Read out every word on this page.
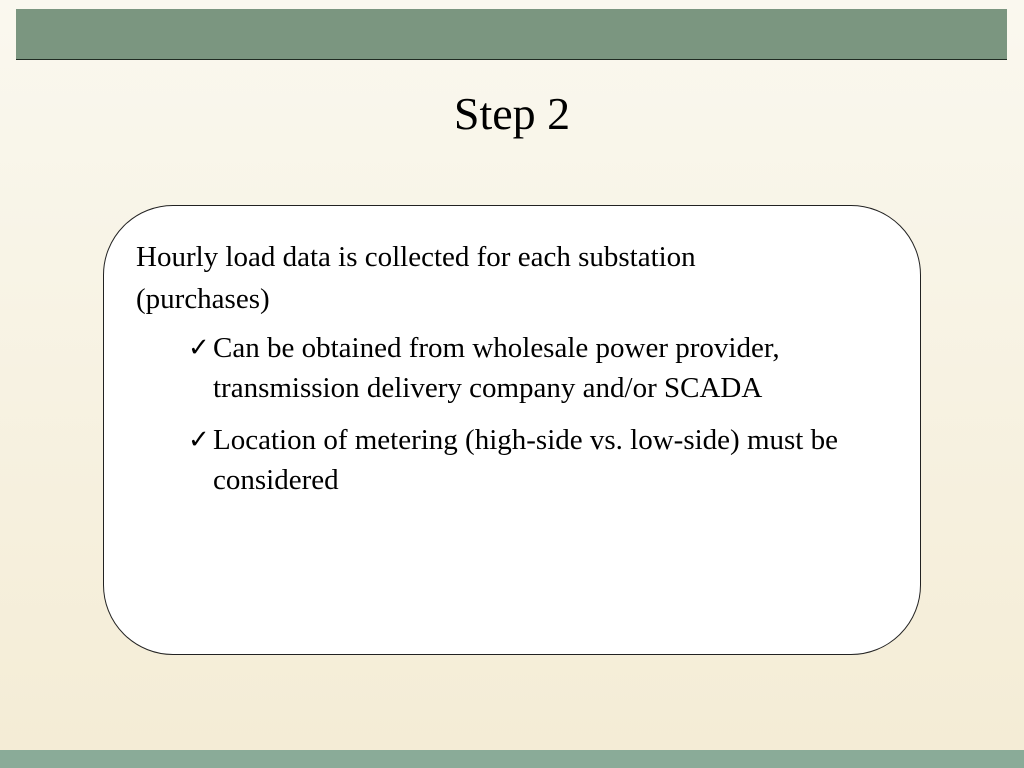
Step 2

Hourly load data is collected for each substation (purchases)

✓ Can be obtained from wholesale power provider, transmission delivery company and/or SCADA
✓ Location of metering (high-side vs. low-side) must be considered
